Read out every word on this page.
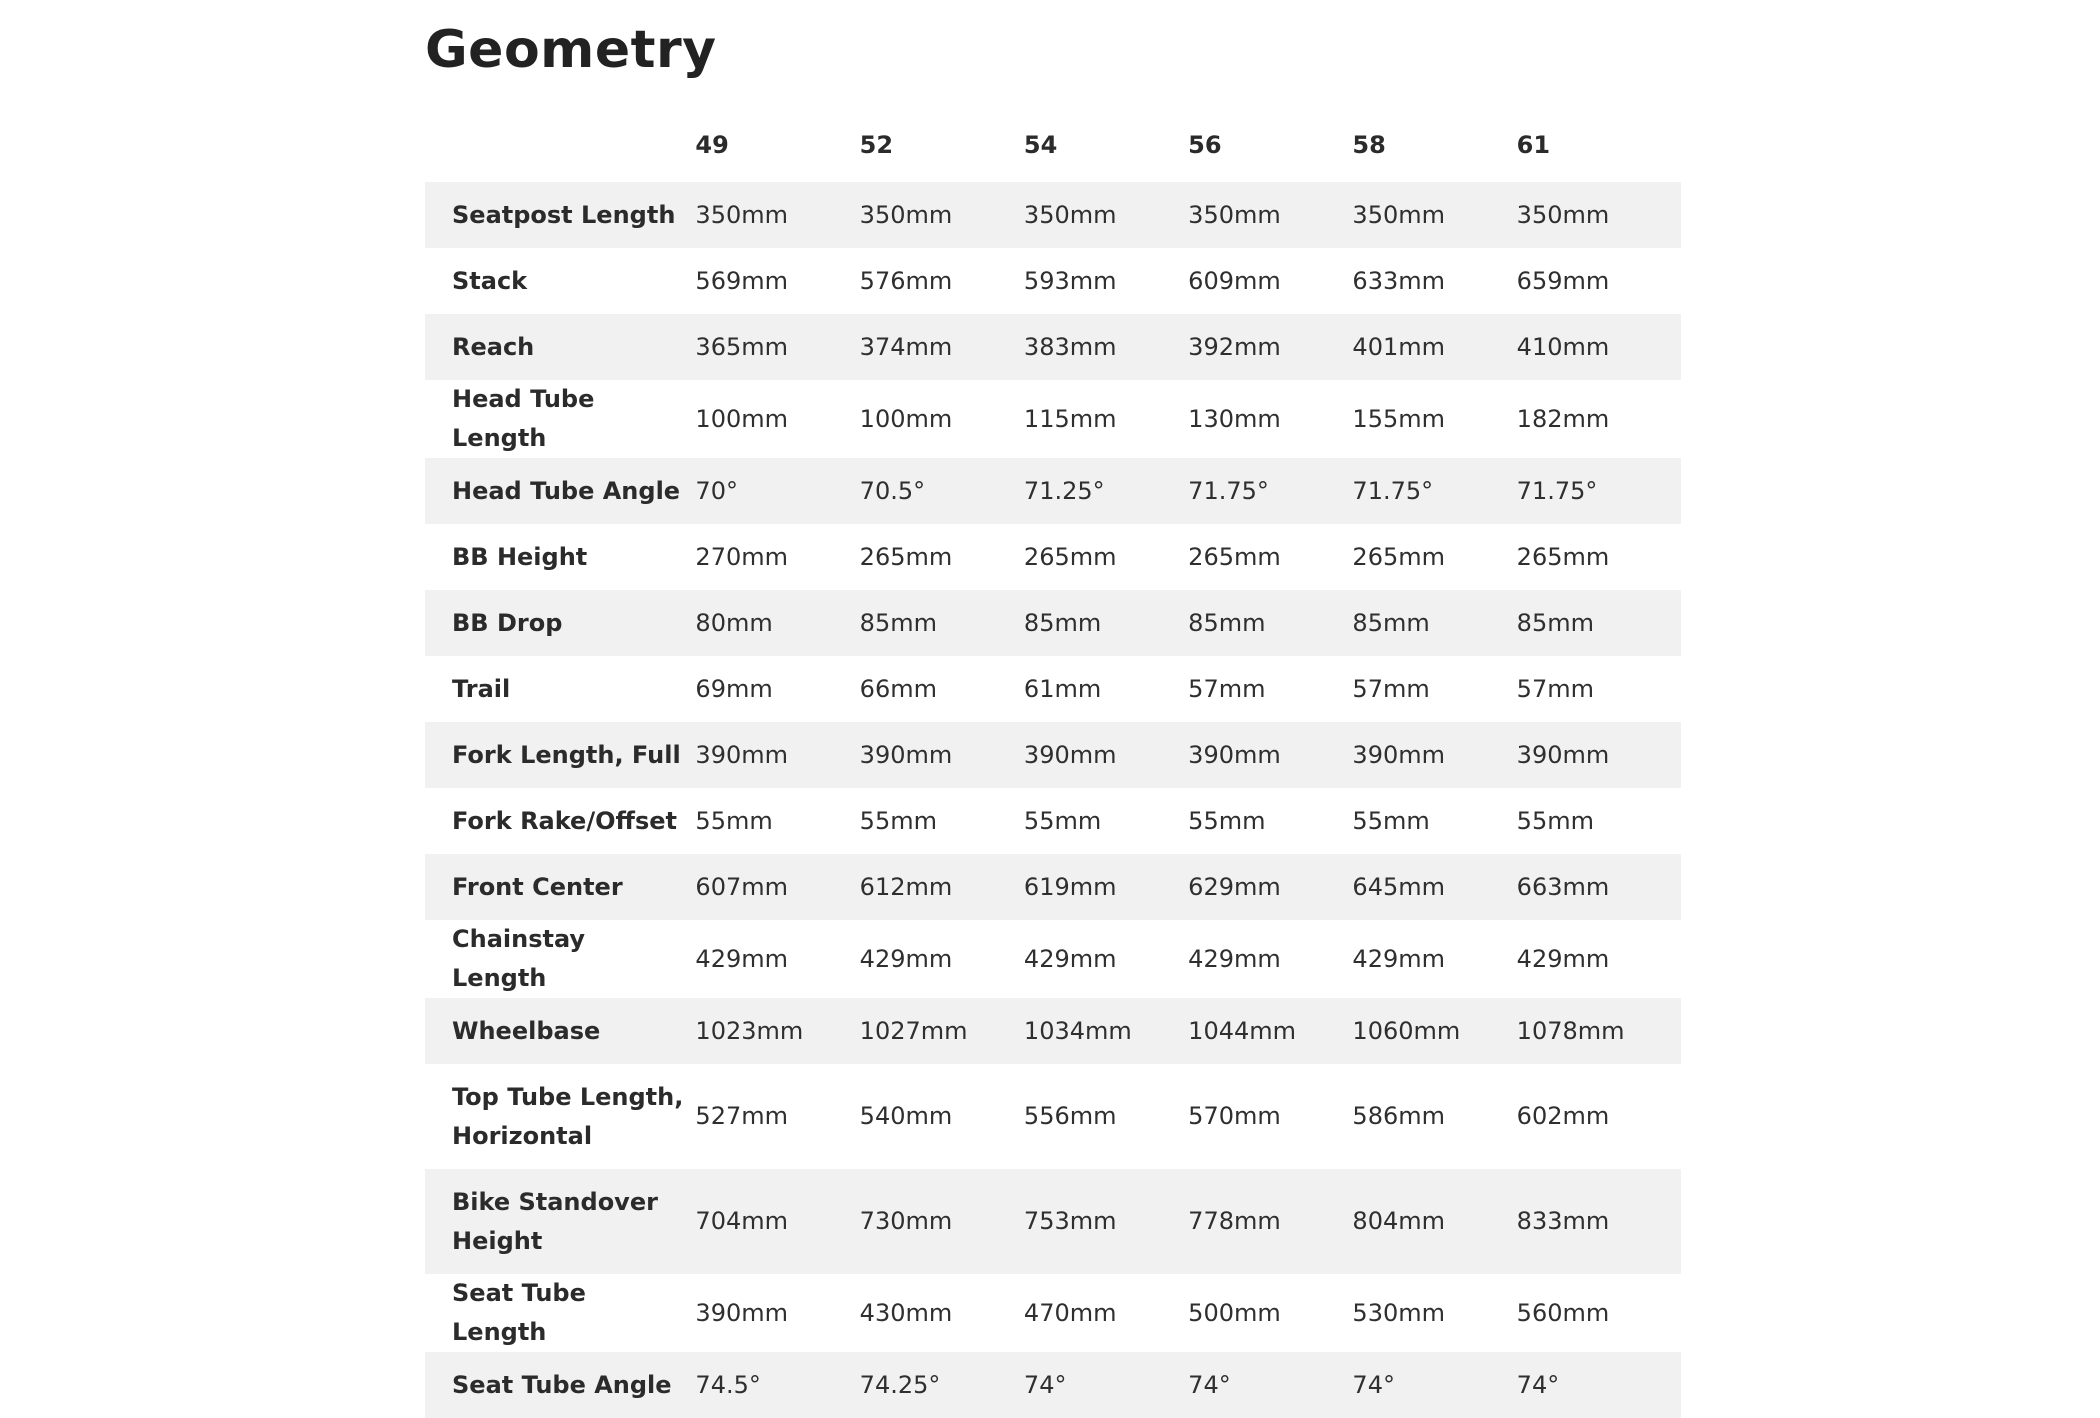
Geometry
	49	52	54	56	58	61
Seatpost Length	350mm	350mm	350mm	350mm	350mm	350mm
Stack	569mm	576mm	593mm	609mm	633mm	659mm
Reach	365mm	374mm	383mm	392mm	401mm	410mm
Head Tube Length	100mm	100mm	115mm	130mm	155mm	182mm
Head Tube Angle	70°	70.5°	71.25°	71.75°	71.75°	71.75°
BB Height	270mm	265mm	265mm	265mm	265mm	265mm
BB Drop	80mm	85mm	85mm	85mm	85mm	85mm
Trail	69mm	66mm	61mm	57mm	57mm	57mm
Fork Length, Full	390mm	390mm	390mm	390mm	390mm	390mm
Fork Rake/Offset	55mm	55mm	55mm	55mm	55mm	55mm
Front Center	607mm	612mm	619mm	629mm	645mm	663mm
Chainstay Length	429mm	429mm	429mm	429mm	429mm	429mm
Wheelbase	1023mm	1027mm	1034mm	1044mm	1060mm	1078mm
Top Tube Length, Horizontal	527mm	540mm	556mm	570mm	586mm	602mm
Bike Standover Height	704mm	730mm	753mm	778mm	804mm	833mm
Seat Tube Length	390mm	430mm	470mm	500mm	530mm	560mm
Seat Tube Angle	74.5°	74.25°	74°	74°	74°	74°
